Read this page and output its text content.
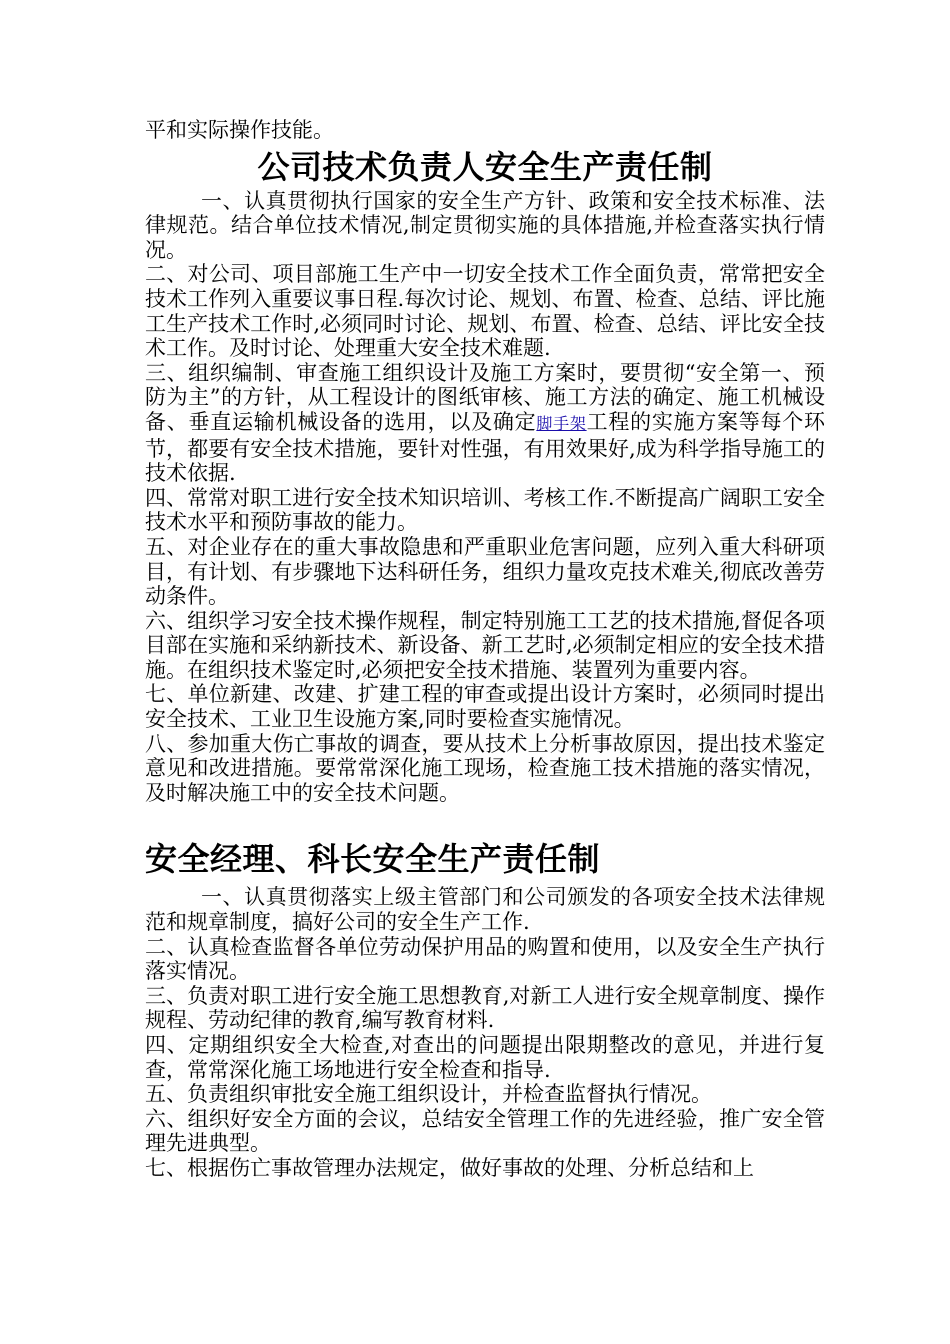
平和实际操作技能。

公司技术负责人安全生产责任制

一、认真贯彻执行国家的安全生产方针、政策和安全技术标准、法律规范。结合单位技术情况,制定贯彻实施的具体措施,并检查落实执行情况。

二、对公司、项目部施工生产中一切安全技术工作全面负责，常常把安全技术工作列入重要议事日程.每次讨论、规划、布置、检查、总结、评比施工生产技术工作时,必须同时讨论、规划、布置、检查、总结、评比安全技术工作。及时讨论、处理重大安全技术难题.

三、组织编制、审查施工组织设计及施工方案时，要贯彻“安全第一、预防为主”的方针，从工程设计的图纸审核、施工方法的确定、施工机械设备、垂直运输机械设备的选用，以及确定脚手架工程的实施方案等每个环节，都要有安全技术措施，要针对性强，有用效果好,成为科学指导施工的技术依据.

四、常常对职工进行安全技术知识培训、考核工作.不断提高广阔职工安全技术水平和预防事故的能力。

五、对企业存在的重大事故隐患和严重职业危害问题，应列入重大科研项目，有计划、有步骤地下达科研任务，组织力量攻克技术难关,彻底改善劳动条件。

六、组织学习安全技术操作规程，制定特别施工工艺的技术措施,督促各项目部在实施和采纳新技术、新设备、新工艺时,必须制定相应的安全技术措施。在组织技术鉴定时,必须把安全技术措施、装置列为重要内容。

七、单位新建、改建、扩建工程的审查或提出设计方案时，必须同时提出安全技术、工业卫生设施方案,同时要检查实施情况。

八、参加重大伤亡事故的调查，要从技术上分析事故原因，提出技术鉴定意见和改进措施。要常常深化施工现场，检查施工技术措施的落实情况，及时解决施工中的安全技术问题。

安全经理、科长安全生产责任制

一、认真贯彻落实上级主管部门和公司颁发的各项安全技术法律规范和规章制度，搞好公司的安全生产工作.

二、认真检查监督各单位劳动保护用品的购置和使用，以及安全生产执行落实情况。

三、负责对职工进行安全施工思想教育,对新工人进行安全规章制度、操作规程、劳动纪律的教育,编写教育材料.

四、定期组织安全大检查,对查出的问题提出限期整改的意见，并进行复查，常常深化施工场地进行安全检查和指导.

五、负责组织审批安全施工组织设计，并检查监督执行情况。

六、组织好安全方面的会议，总结安全管理工作的先进经验，推广安全管理先进典型。

七、根据伤亡事故管理办法规定，做好事故的处理、分析总结和上
